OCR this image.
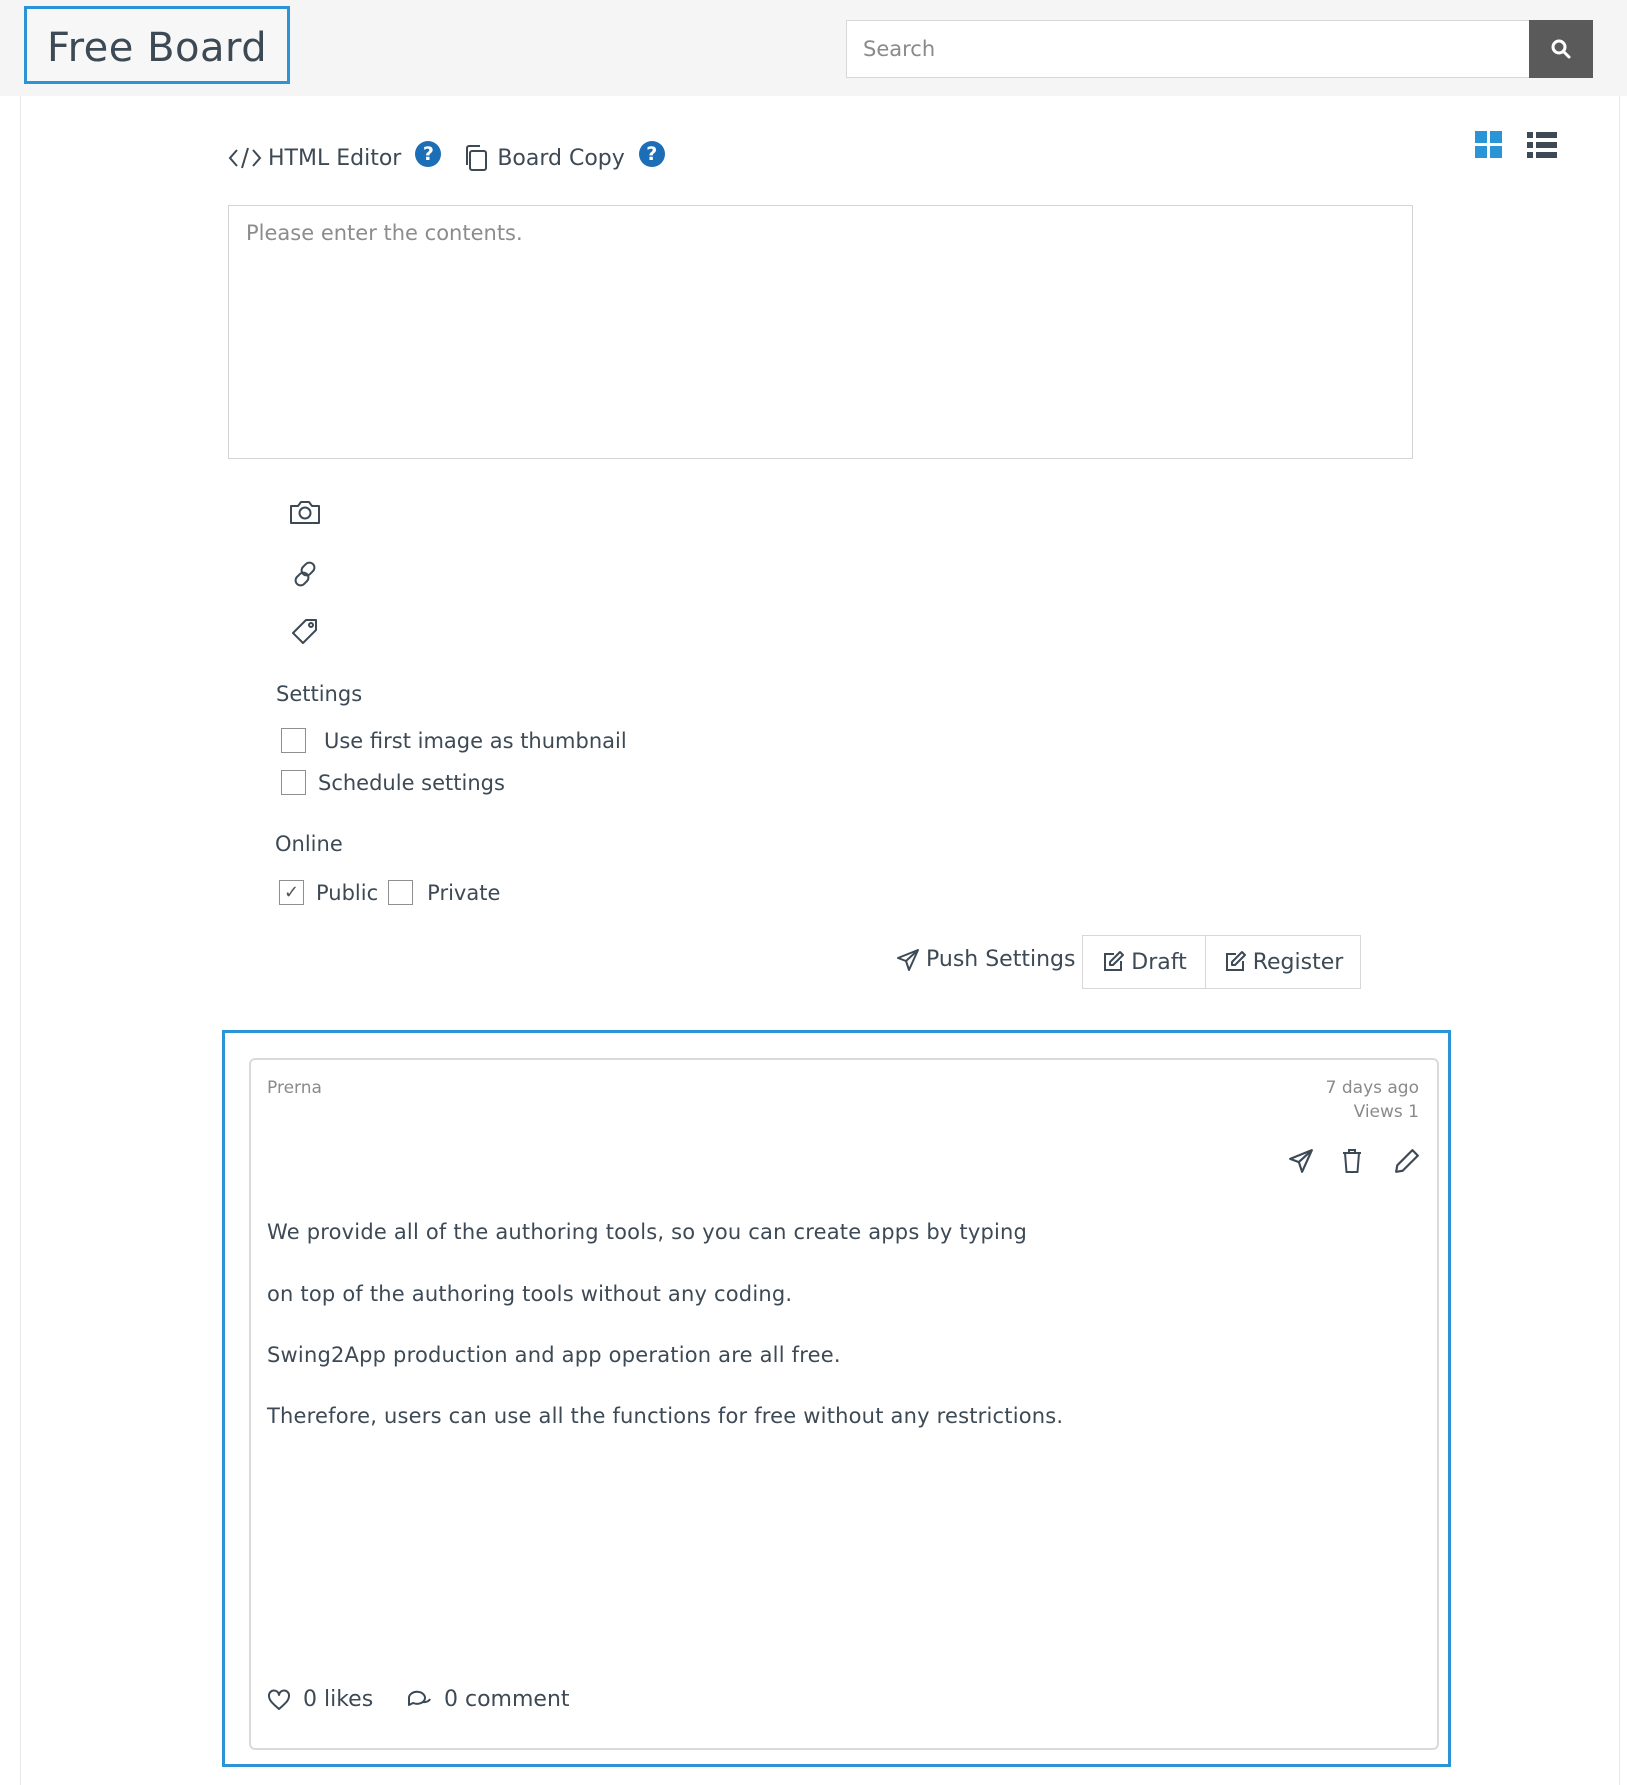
Free Board
Search
HTML Editor	?	Board Copy	?
Please enter the contents.
Settings
Use first image as thumbnail
Schedule settings
Online
✓
Public Private
Push Settings	Draft	Register
Prerna	7 days ago
Views 1
We provide all of the authoring tools, so you can create apps by typing
on top of the authoring tools without any coding.
Swing2App production and app operation are all free.
Therefore, users can use all the functions for free without any restrictions.
0 likes	0 comment
